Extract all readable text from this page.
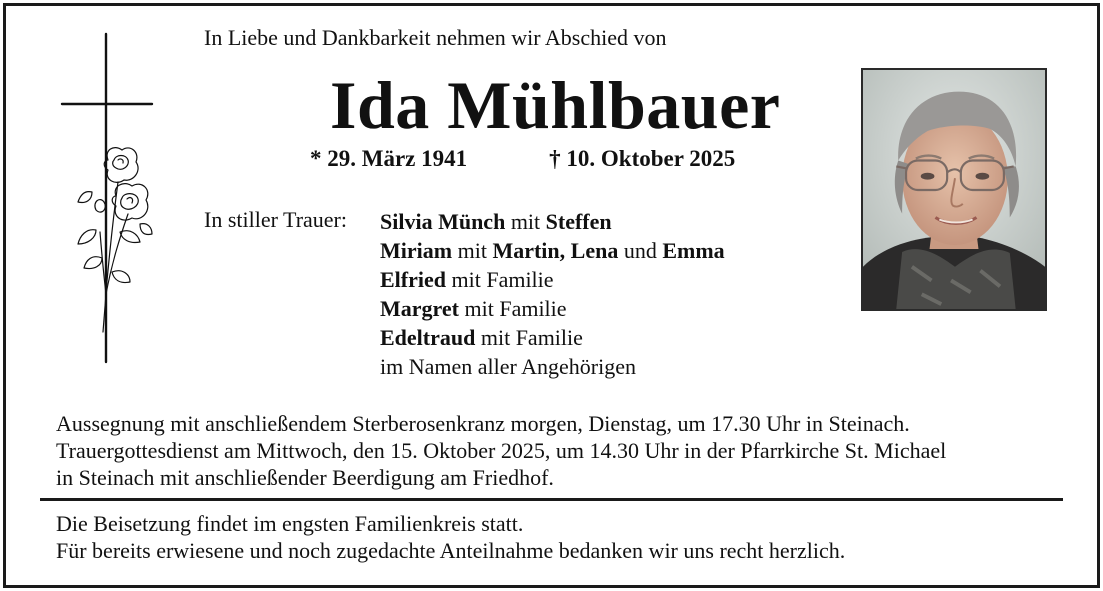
In Liebe und Dankbarkeit nehmen wir Abschied von
Ida Mühlbauer
* 29. März 1941	† 10. Oktober 2025
In stiller Trauer: Silvia Münch mit Steffen
Miriam mit Martin, Lena und Emma
Elfried mit Familie
Margret mit Familie
Edeltraud mit Familie
im Namen aller Angehörigen
Aussegnung mit anschließendem Sterberosenkranz morgen, Dienstag, um 17.30 Uhr in Steinach.
Trauergottesdienst am Mittwoch, den 15. Oktober 2025, um 14.30 Uhr in der Pfarrkirche St. Michael
in Steinach mit anschließender Beerdigung am Friedhof.
Die Beisetzung findet im engsten Familienkreis statt.
Für bereits erwiesene und noch zugedachte Anteilnahme bedanken wir uns recht herzlich.
